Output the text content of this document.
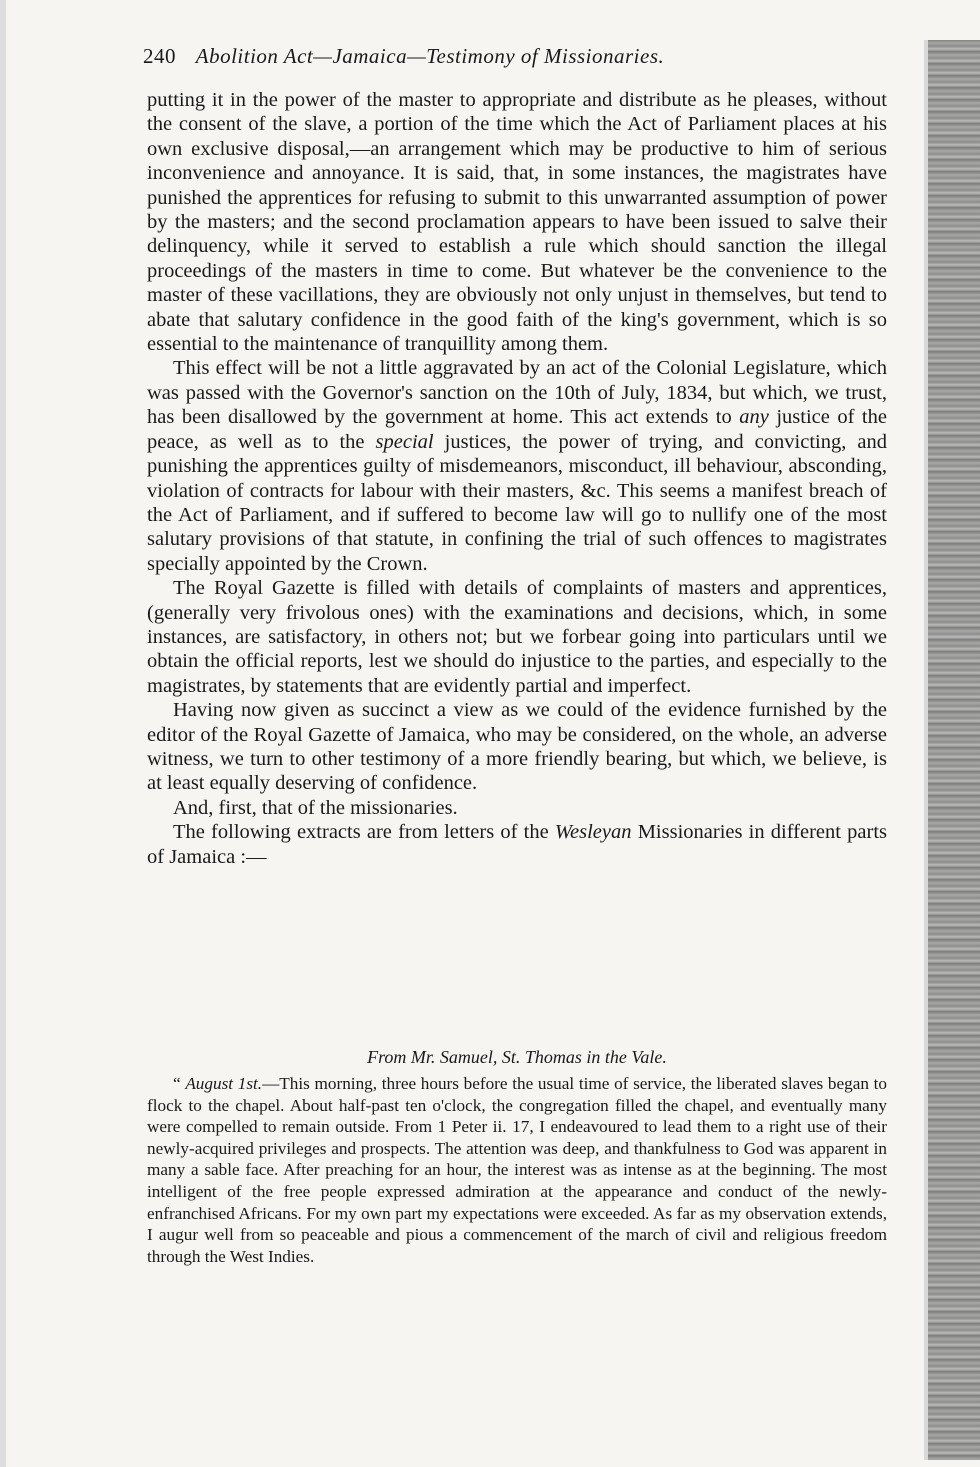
240 Abolition Act—Jamaica—Testimony of Missionaries.

putting it in the power of the master to appropriate and distribute as he pleases, without the consent of the slave, a portion of the time which the Act of Parliament places at his own exclusive disposal,—an arrangement which may be productive to him of serious inconvenience and annoyance. It is said, that, in some instances, the magistrates have punished the apprentices for refusing to submit to this unwarranted assumption of power by the masters; and the second proclamation appears to have been issued to salve their delinquency, while it served to establish a rule which should sanction the illegal proceedings of the masters in time to come. But whatever be the convenience to the master of these vacillations, they are obviously not only unjust in themselves, but tend to abate that salutary confidence in the good faith of the king's government, which is so essential to the maintenance of tranquillity among them.

This effect will be not a little aggravated by an act of the Colonial Legislature, which was passed with the Governor's sanction on the 10th of July, 1834, but which, we trust, has been disallowed by the government at home. This act extends to any justice of the peace, as well as to the special justices, the power of trying, and convicting, and punishing the apprentices guilty of misdemeanors, misconduct, ill behaviour, absconding, violation of contracts for labour with their masters, &c. This seems a manifest breach of the Act of Parliament, and if suffered to become law will go to nullify one of the most salutary provisions of that statute, in confining the trial of such offences to magistrates specially appointed by the Crown.

The Royal Gazette is filled with details of complaints of masters and apprentices, (generally very frivolous ones) with the examinations and decisions, which, in some instances, are satisfactory, in others not; but we forbear going into particulars until we obtain the official reports, lest we should do injustice to the parties, and especially to the magistrates, by statements that are evidently partial and imperfect.

Having now given as succinct a view as we could of the evidence furnished by the editor of the Royal Gazette of Jamaica, who may be considered, on the whole, an adverse witness, we turn to other testimony of a more friendly bearing, but which, we believe, is at least equally deserving of confidence.

And, first, that of the missionaries.

The following extracts are from letters of the Wesleyan Missionaries in different parts of Jamaica :—

From Mr. Samuel, St. Thomas in the Vale.

“ August 1st.—This morning, three hours before the usual time of service, the liberated slaves began to flock to the chapel. About half-past ten o'clock, the congregation filled the chapel, and eventually many were compelled to remain outside. From 1 Peter ii. 17, I endeavoured to lead them to a right use of their newly-acquired privileges and prospects. The attention was deep, and thankfulness to God was apparent in many a sable face. After preaching for an hour, the interest was as intense as at the beginning. The most intelligent of the free people expressed admiration at the appearance and conduct of the newly-enfranchised Africans. For my own part my expectations were exceeded. As far as my observation extends, I augur well from so peaceable and pious a commencement of the march of civil and religious freedom through the West Indies.
